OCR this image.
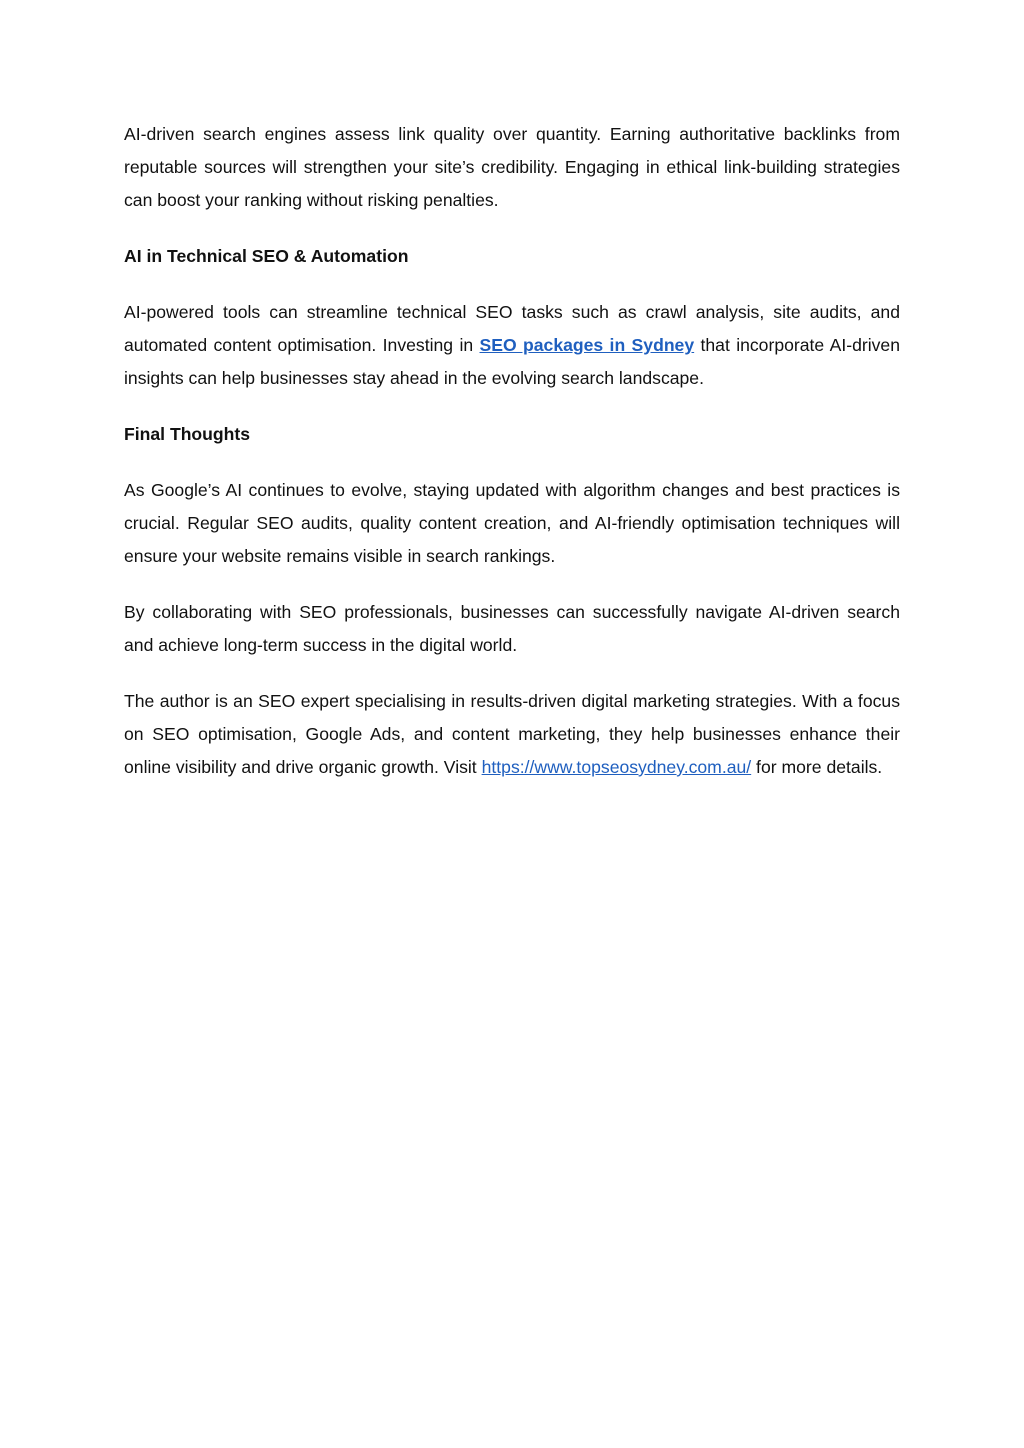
AI-driven search engines assess link quality over quantity. Earning authoritative backlinks from reputable sources will strengthen your site’s credibility. Engaging in ethical link-building strategies can boost your ranking without risking penalties.

AI in Technical SEO & Automation

AI-powered tools can streamline technical SEO tasks such as crawl analysis, site audits, and automated content optimisation. Investing in SEO packages in Sydney that incorporate AI-driven insights can help businesses stay ahead in the evolving search landscape.

Final Thoughts

As Google’s AI continues to evolve, staying updated with algorithm changes and best practices is crucial. Regular SEO audits, quality content creation, and AI-friendly optimisation techniques will ensure your website remains visible in search rankings.

By collaborating with SEO professionals, businesses can successfully navigate AI-driven search and achieve long-term success in the digital world.

The author is an SEO expert specialising in results-driven digital marketing strategies. With a focus on SEO optimisation, Google Ads, and content marketing, they help businesses enhance their online visibility and drive organic growth. Visit https://www.topseosydney.com.au/ for more details.
